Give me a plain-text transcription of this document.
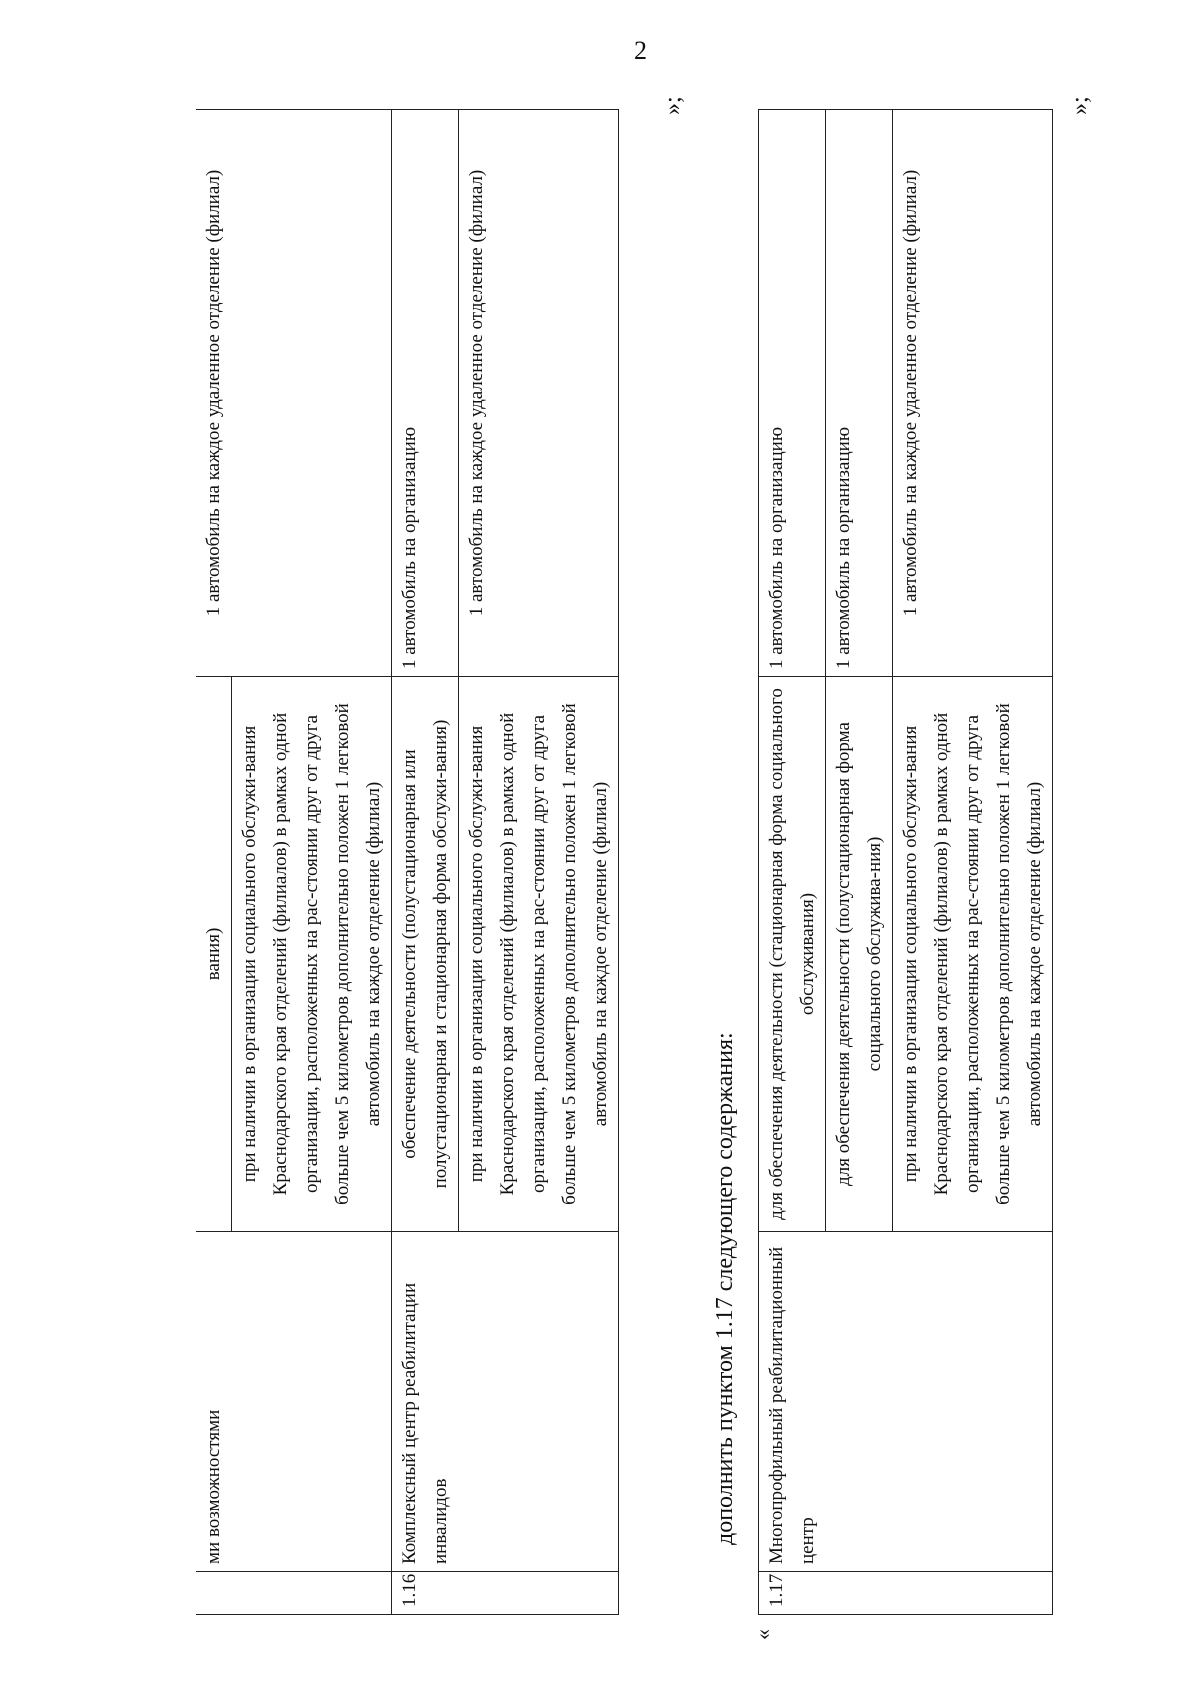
2
	ми возможностями	вания)	1 автомобиль на каждое удаленное отделение (филиал)
		при наличии в организации социального обслужи-вания Краснодарского края отделений (филиалов) в рамках одной организации, расположенных на рас-стоянии друг от друга больше чем 5 километров дополнительно положен 1 легковой автомобиль на каждое отделение (филиал)	
1.16	Комплексный центр реабилитации инвалидов	обеспечение деятельности (полустационарная или полустационарная и стационарная форма обслужи-вания)	1 автомобиль на организацию
		при наличии в организации социального обслужи-вания Краснодарского края отделений (филиалов) в рамках одной организации, расположенных на рас-стоянии друг от друга больше чем 5 километров дополнительно положен 1 легковой автомобиль на каждое отделение (филиал)	1 автомобиль на каждое удаленное отделение (филиал)
»;
дополнить пунктом 1.17 следующего содержания:
«
1.17	Многопрофильный реабилитационный центр	для обеспечения деятельности (стационарная форма социального обслуживания)	1 автомобиль на организацию
		для обеспечения деятельности (полустационарная форма социального обслужива-ния)	1 автомобиль на организацию
		при наличии в организации социального обслужи-вания Краснодарского края отделений (филиалов) в рамках одной организации, расположенных на рас-стоянии друг от друга больше чем 5 километров дополнительно положен 1 легковой автомобиль на каждое отделение (филиал)	1 автомобиль на каждое удаленное отделение (филиал)
»;
